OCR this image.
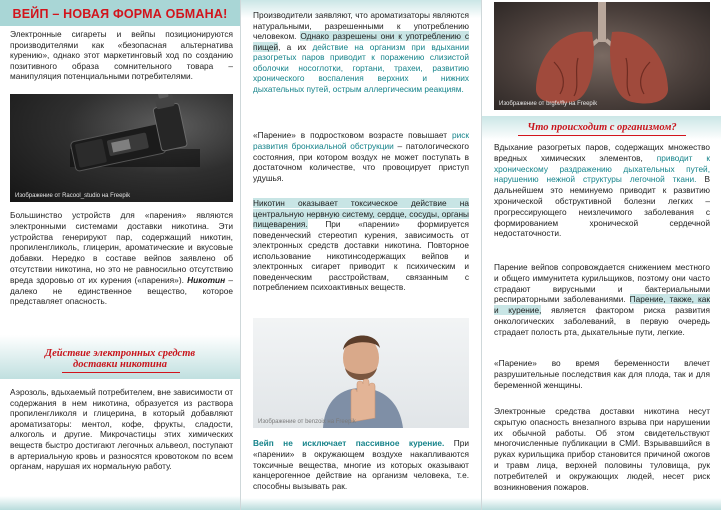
ВЕЙП – НОВАЯ ФОРМА ОБМАНА!
Электронные сигареты и вейпы позиционируются производителями как «безопасная альтернатива курению», однако этот маркетинговый ход по созданию позитивного образа сомнительного товара – манипуляция потенциальными потребителями.
Изображение от Racool_studio на Freepik
Большинство устройств для «парения» являются электронными системами доставки никотина. Эти устройства генерируют пар, содержащий никотин, пропиленгликоль, глицерин, ароматические и вкусовые добавки. Нередко в составе вейпов заявлено об отсутствии никотина, но это не равносильно отсутствию вреда здоровью от их курения («парения»). Никотин – далеко не единственное вещество, которое представляет опасность.
Действие электронных средств доставки никотина
Аэрозоль, вдыхаемый потребителем, вне зависимости от содержания в нем никотина, образуется из раствора пропиленгликоля и глицерина, в который добавляют ароматизаторы: ментол, кофе, фрукты, сладости, алкоголь и другие. Микрочастицы этих химических веществ быстро достигают легочных альвеол, поступают в артериальную кровь и разносятся кровотоком по всем органам, нарушая их нормальную работу.
Производители заявляют, что ароматизаторы являются натуральными, разрешенными к употреблению человеком. Однако разрешены они к употреблению с пищей, а их действие на организм при вдыхании разогретых паров приводит к поражению слизистой оболочки носоглотки, гортани, трахеи, развитию хронического воспаления верхних и нижних дыхательных путей, острым аллергическим реакциям.
«Парение» в подростковом возрасте повышает риск развития бронхиальной обструкции – патологического состояния, при котором воздух не может поступать в достаточном количестве, что провоцирует приступ удушья.
Никотин оказывает токсическое действие на центральную нервную систему, сердце, сосуды, органы пищеварения. При «парении» формируется поведенческий стереотип курения, зависимость от электронных средств доставки никотина. Повторное использование никотинсодержащих вейпов и электронных сигарет приводит к психическим и поведенческим расстройствам, связанным с потреблением психоактивных веществ.
Изображение от benzoix на Freepik
Вейп не исключает пассивное курение. При «парении» в окружающем воздухе накапливаются токсичные вещества, многие из которых оказывают канцерогенное действие на организм человека, т.е. способны вызывать рак.
Изображение от brgfx/fly на Freepik
Что происходит с организмом?
Вдыхание разогретых паров, содержащих множество вредных химических элементов, приводит к хроническому раздражению дыхательных путей, нарушению нежной структуры легочной ткани. В дальнейшем это неминуемо приводит к развитию хронической обструктивной болезни легких – прогрессирующего неизлечимого заболевания с формированием хронической сердечной недостаточности.
Парение вейпов сопровождается снижением местного и общего иммунитета курильщиков, поэтому они часто страдают вирусными и бактериальными респираторными заболеваниями. Парение, также, как и курение, является фактором риска развития онкологических заболеваний, в первую очередь страдает полость рта, дыхательные пути, легкие.
«Парение» во время беременности влечет разрушительные последствия как для плода, так и для беременной женщины.
Электронные средства доставки никотина несут скрытую опасность внезапного взрыва при нарушении их обычной работы. Об этом свидетельствуют многочисленные публикации в СМИ. Взрывавшийся в руках курильщика прибор становится причиной ожогов и травм лица, верхней половины туловища, рук потребителей и окружающих людей, несет риск возникновения пожаров.
